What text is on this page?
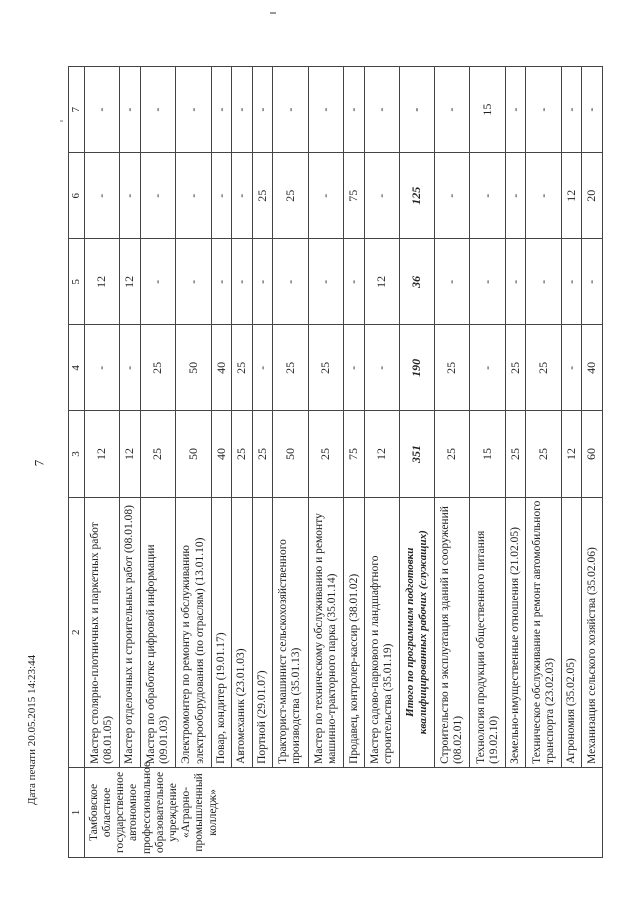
7
Дата печати 20.05.2015 14:23:44
1	2	3	4	5	6	7
Тамбовское областное государственное автономное профессиональное образовательное учреждение «Аграрно-промышленный колледж»	Мастер столярно-плотничных и паркетных работ (08.01.05)	12	-	12	-	-
	Мастер отделочных и строительных работ (08.01.08)	12	-	12	-	-
	Мастер по обработке цифровой информации (09.01.03)	25	25	-	-	-
	Электромонтер по ремонту и обслуживанию электрооборудования (по отраслям) (13.01.10)	50	50	-	-	-
	Повар, кондитер (19.01.17)	40	40	-	-	-
	Автомеханик (23.01.03)	25	25	-	-	-
	Портной (29.01.07)	25	-	-	25	-
	Тракторист-машинист сельскохозяйственного производства (35.01.13)	50	25	-	25	-
	Мастер по техническому обслуживанию и ремонту машинно-тракторного парка (35.01.14)	25	25	-	-	-
	Продавец, контролер-кассир (38.01.02)	75	-	-	75	-
	Мастер садово-паркового и ландшафтного строительства (35.01.19)	12	-	12	-	-
	Итого по программам подготовки квалифицированных рабочих (служащих)	351	190	36	125	-
	Строительство и эксплуатация зданий и сооружений (08.02.01)	25	25	-	-	-
	Технология продукции общественного питания (19.02.10)	15	-	-	-	15
	Земельно-имущественные отношения (21.02.05)	25	25	-	-	-
	Техническое обслуживание и ремонт автомобильного транспорта (23.02.03)	25	25	-	-	-
	Агрономия (35.02.05)	12	-	-	12	-
	Механизация сельского хозяйства (35.02.06)	60	40	-	20	-
